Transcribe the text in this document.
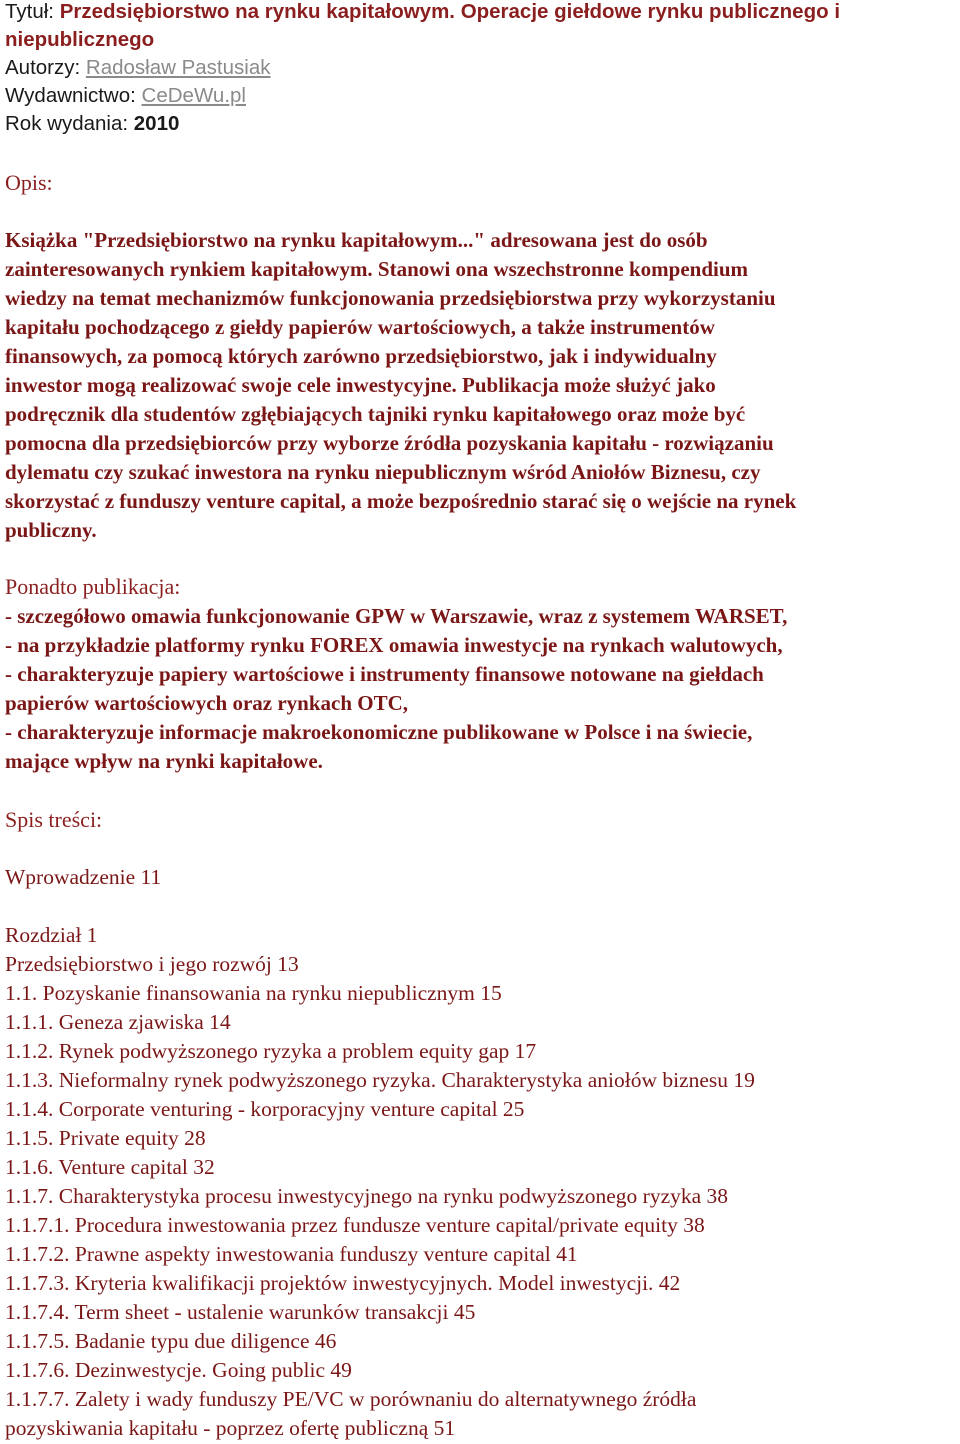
Tytuł: Przedsiębiorstwo na rynku kapitałowym. Operacje giełdowe rynku publicznego i
niepublicznego
Autorzy: Radosław Pastusiak
Wydawnictwo: CeDeWu.pl
Rok wydania: 2010
Opis:
Książka "Przedsiębiorstwo na rynku kapitałowym..." adresowana jest do osób
zainteresowanych rynkiem kapitałowym. Stanowi ona wszechstronne kompendium
wiedzy na temat mechanizmów funkcjonowania przedsiębiorstwa przy wykorzystaniu
kapitału pochodzącego z giełdy papierów wartościowych, a także instrumentów
finansowych, za pomocą których zarówno przedsiębiorstwo, jak i indywidualny
inwestor mogą realizować swoje cele inwestycyjne. Publikacja może służyć jako
podręcznik dla studentów zgłębiających tajniki rynku kapitałowego oraz może być
pomocna dla przedsiębiorców przy wyborze źródła pozyskania kapitału - rozwiązaniu
dylematu czy szukać inwestora na rynku niepublicznym wśród Aniołów Biznesu, czy
skorzystać z funduszy venture capital, a może bezpośrednio starać się o wejście na rynek
publiczny.
Ponadto publikacja:
- szczegółowo omawia funkcjonowanie GPW w Warszawie, wraz z systemem WARSET,
- na przykładzie platformy rynku FOREX omawia inwestycje na rynkach walutowych,
- charakteryzuje papiery wartościowe i instrumenty finansowe notowane na giełdach
papierów wartościowych oraz rynkach OTC,
- charakteryzuje informacje makroekonomiczne publikowane w Polsce i na świecie,
mające wpływ na rynki kapitałowe.
Spis treści:
Wprowadzenie 11
Rozdział 1
Przedsiębiorstwo i jego rozwój 13
1.1. Pozyskanie finansowania na rynku niepublicznym 15
1.1.1. Geneza zjawiska 14
1.1.2. Rynek podwyższonego ryzyka a problem equity gap 17
1.1.3. Nieformalny rynek podwyższonego ryzyka. Charakterystyka aniołów biznesu 19
1.1.4. Corporate venturing - korporacyjny venture capital 25
1.1.5. Private equity 28
1.1.6. Venture capital 32
1.1.7. Charakterystyka procesu inwestycyjnego na rynku podwyższonego ryzyka 38
1.1.7.1. Procedura inwestowania przez fundusze venture capital/private equity 38
1.1.7.2. Prawne aspekty inwestowania funduszy venture capital 41
1.1.7.3. Kryteria kwalifikacji projektów inwestycyjnych. Model inwestycji. 42
1.1.7.4. Term sheet - ustalenie warunków transakcji 45
1.1.7.5. Badanie typu due diligence 46
1.1.7.6. Dezinwestycje. Going public 49
1.1.7.7. Zalety i wady funduszy PE/VC w porównaniu do alternatywnego źródła
pozyskiwania kapitału - poprzez ofertę publiczną 51
